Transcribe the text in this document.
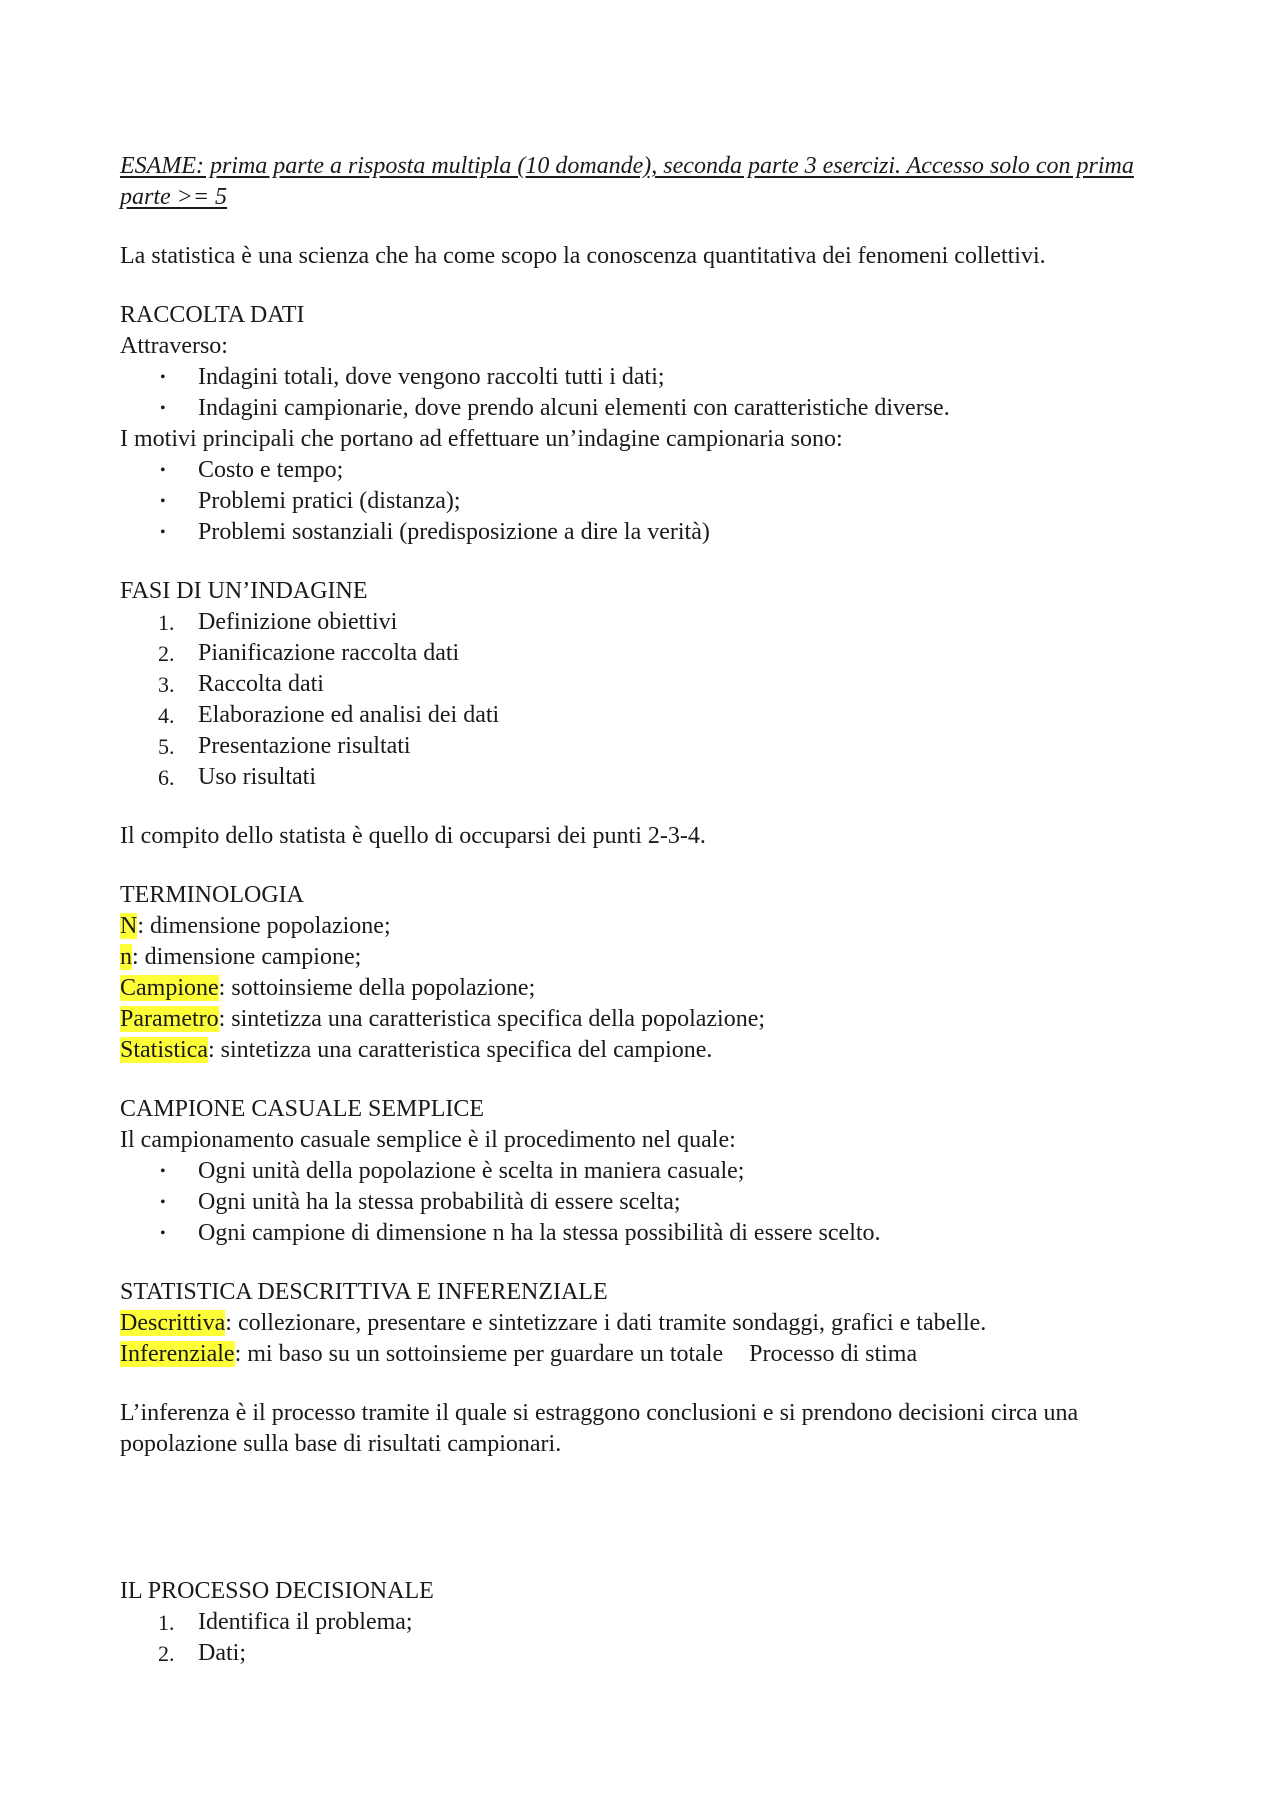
ESAME: prima parte a risposta multipla (10 domande), seconda parte 3 esercizi. Accesso solo con prima parte >= 5

La statistica è una scienza che ha come scopo la conoscenza quantitativa dei fenomeni collettivi.

RACCOLTA DATI

Attraverso:

• Indagini totali, dove vengono raccolti tutti i dati;
• Indagini campionarie, dove prendo alcuni elementi con caratteristiche diverse.

I motivi principali che portano ad effettuare un’indagine campionaria sono:

• Costo e tempo;
• Problemi pratici (distanza);
• Problemi sostanziali (predisposizione a dire la verità)

FASI DI UN’INDAGINE

1. Definizione obiettivi
2. Pianificazione raccolta dati
3. Raccolta dati
4. Elaborazione ed analisi dei dati
5. Presentazione risultati
6. Uso risultati

Il compito dello statista è quello di occuparsi dei punti 2-3-4.

TERMINOLOGIA

N: dimensione popolazione;

n: dimensione campione;

Campione: sottoinsieme della popolazione;

Parametro: sintetizza una caratteristica specifica della popolazione;

Statistica: sintetizza una caratteristica specifica del campione.

CAMPIONE CASUALE SEMPLICE

Il campionamento casuale semplice è il procedimento nel quale:

• Ogni unità della popolazione è scelta in maniera casuale;
• Ogni unità ha la stessa probabilità di essere scelta;
• Ogni campione di dimensione n ha la stessa possibilità di essere scelto.

STATISTICA DESCRITTIVA E INFERENZIALE

Descrittiva: collezionare, presentare e sintetizzare i dati tramite sondaggi, grafici e tabelle.

Inferenziale: mi baso su un sottoinsieme per guardare un totale Processo di stima

L’inferenza è il processo tramite il quale si estraggono conclusioni e si prendono decisioni circa una popolazione sulla base di risultati campionari.

IL PROCESSO DECISIONALE

1. Identifica il problema;
2. Dati;
